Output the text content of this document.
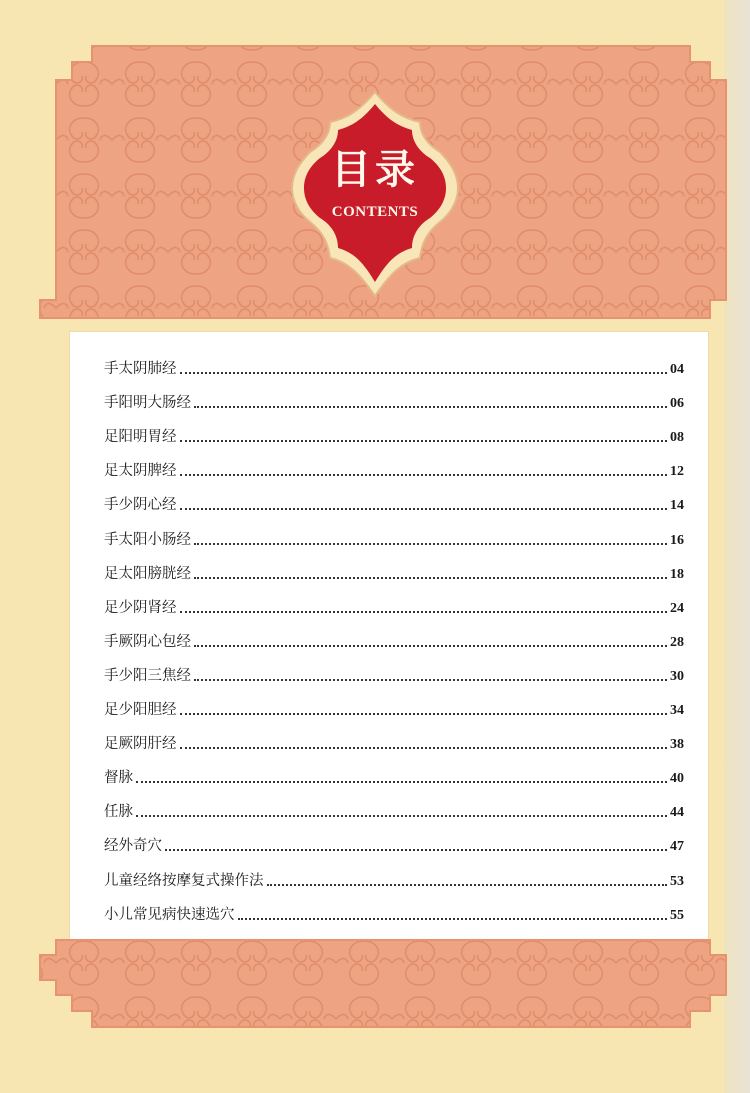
目录
CONTENTS
手太阴肺经	04
手阳明大肠经	06
足阳明胃经	08
足太阴脾经	12
手少阴心经	14
手太阳小肠经	16
足太阳膀胱经	18
足少阴肾经	24
手厥阴心包经	28
手少阳三焦经	30
足少阳胆经	34
足厥阴肝经	38
督脉	40
任脉	44
经外奇穴	47
儿童经络按摩复式操作法	53
小儿常见病快速选穴	55
